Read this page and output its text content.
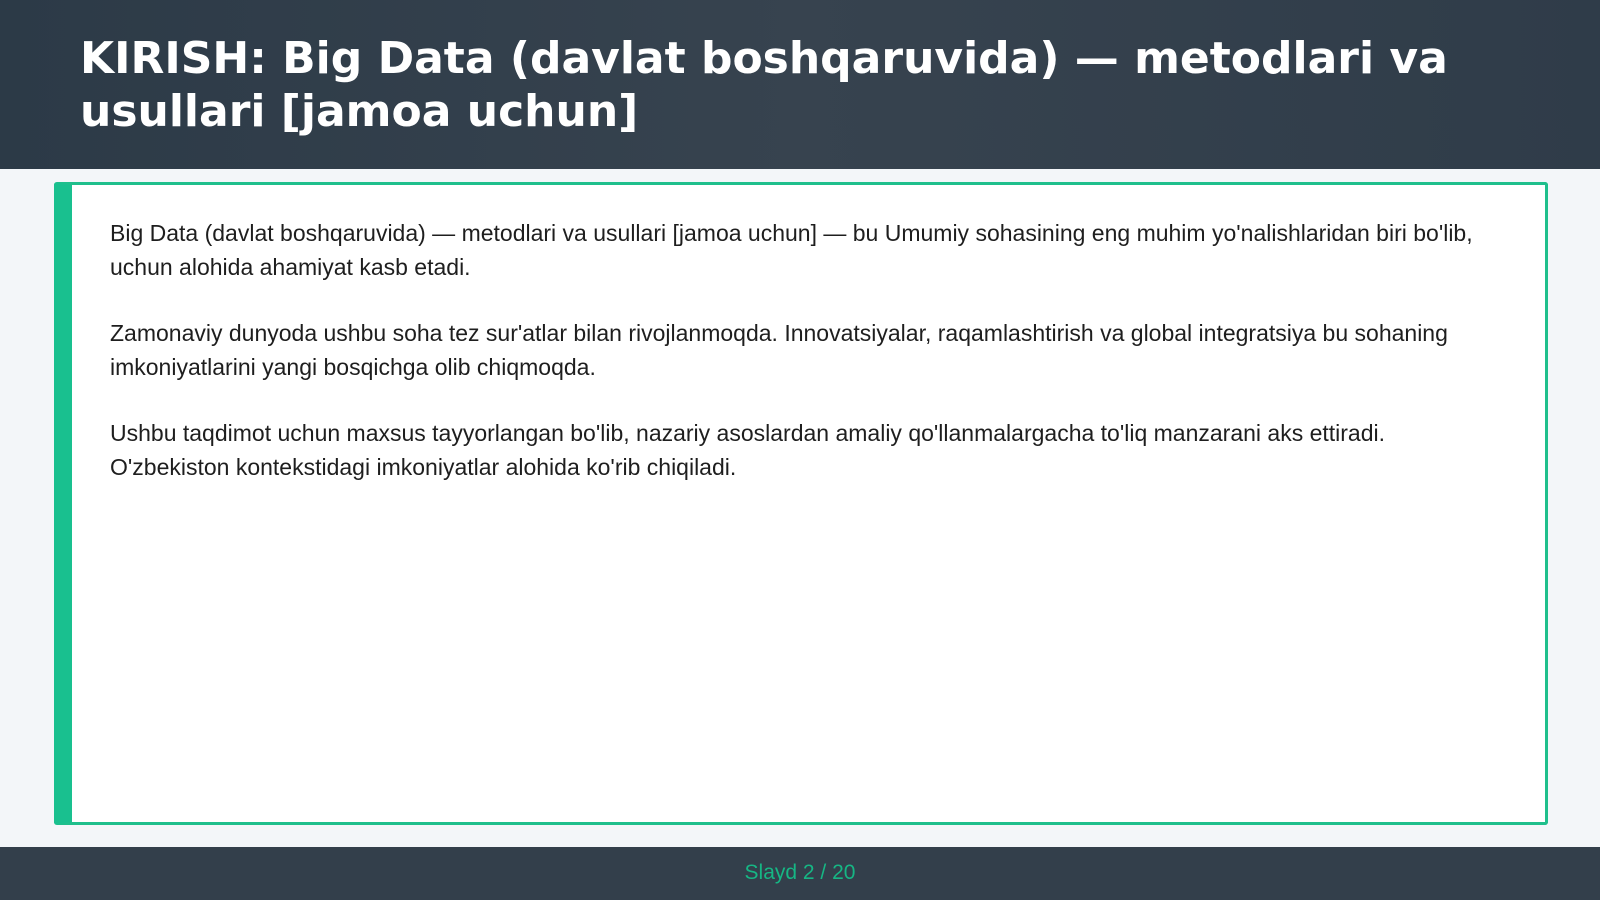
KIRISH: Big Data (davlat boshqaruvida) — metodlari va usullari [jamoa uchun]

Big Data (davlat boshqaruvida) — metodlari va usullari [jamoa uchun] — bu Umumiy sohasining eng muhim yo'nalishlaridan biri bo'lib, uchun alohida ahamiyat kasb etadi.

Zamonaviy dunyoda ushbu soha tez sur'atlar bilan rivojlanmoqda. Innovatsiyalar, raqamlashtirish va global integratsiya bu sohaning imkoniyatlarini yangi bosqichga olib chiqmoqda.

Ushbu taqdimot uchun maxsus tayyorlangan bo'lib, nazariy asoslardan amaliy qo'llanmalargacha to'liq manzarani aks ettiradi. O'zbekiston kontekstidagi imkoniyatlar alohida ko'rib chiqiladi.

Slayd 2 / 20
